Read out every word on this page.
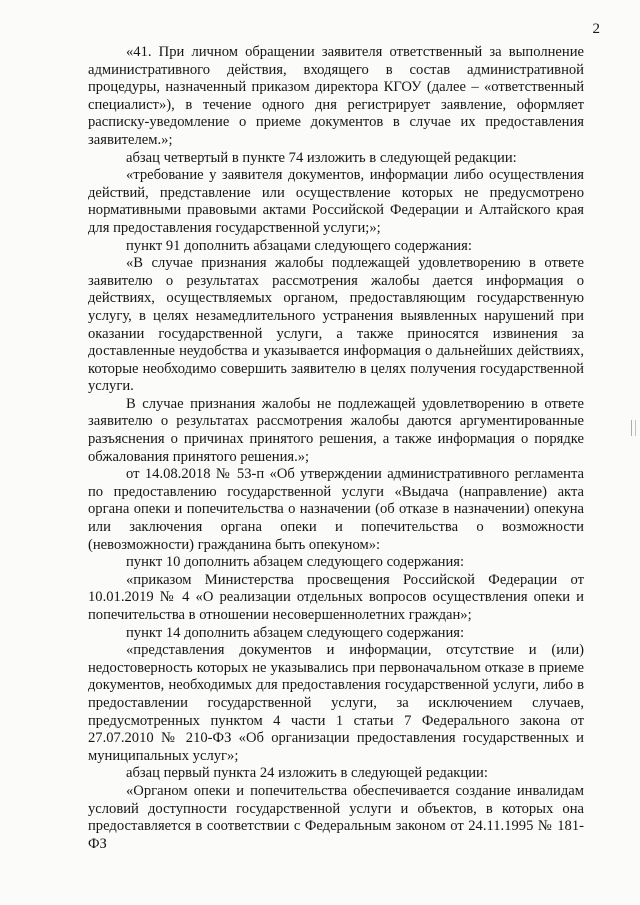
2

«41. При личном обращении заявителя ответственный за выполнение административного действия, входящего в состав административной процедуры, назначенный приказом директора КГОУ (далее – «ответственный специалист»), в течение одного дня регистрирует заявление, оформляет расписку-уведомление о приеме документов в случае их предоставления заявителем.»;

абзац четвертый в пункте 74 изложить в следующей редакции:

«требование у заявителя документов, информации либо осуществления действий, представление или осуществление которых не предусмотрено нормативными правовыми актами Российской Федерации и Алтайского края для предоставления государственной услуги;»;

пункт 91 дополнить абзацами следующего содержания:

«В случае признания жалобы подлежащей удовлетворению в ответе заявителю о результатах рассмотрения жалобы дается информация о действиях, осуществляемых органом, предоставляющим государственную услугу, в целях незамедлительного устранения выявленных нарушений при оказании государственной услуги, а также приносятся извинения за доставленные неудобства и указывается информация о дальнейших действиях, которые необходимо совершить заявителю в целях получения государственной услуги.

В случае признания жалобы не подлежащей удовлетворению в ответе заявителю о результатах рассмотрения жалобы даются аргументированные разъяснения о причинах принятого решения, а также информация о порядке обжалования принятого решения.»;

от 14.08.2018 № 53-п «Об утверждении административного регламента по предоставлению государственной услуги «Выдача (направление) акта органа опеки и попечительства о назначении (об отказе в назначении) опекуна или заключения органа опеки и попечительства о возможности (невозможности) гражданина быть опекуном»:

пункт 10 дополнить абзацем следующего содержания:

«приказом Министерства просвещения Российской Федерации от 10.01.2019 № 4 «О реализации отдельных вопросов осуществления опеки и попечительства в отношении несовершеннолетних граждан»;

пункт 14 дополнить абзацем следующего содержания:

«представления документов и информации, отсутствие и (или) недостоверность которых не указывались при первоначальном отказе в приеме документов, необходимых для предоставления государственной услуги, либо в предоставлении государственной услуги, за исключением случаев, предусмотренных пунктом 4 части 1 статьи 7 Федерального закона от 27.07.2010 № 210-ФЗ «Об организации предоставления государственных и муниципальных услуг»;

абзац первый пункта 24 изложить в следующей редакции:

«Органом опеки и попечительства обеспечивается создание инвалидам условий доступности государственной услуги и объектов, в которых она предоставляется в соответствии с Федеральным законом от 24.11.1995 № 181-ФЗ
